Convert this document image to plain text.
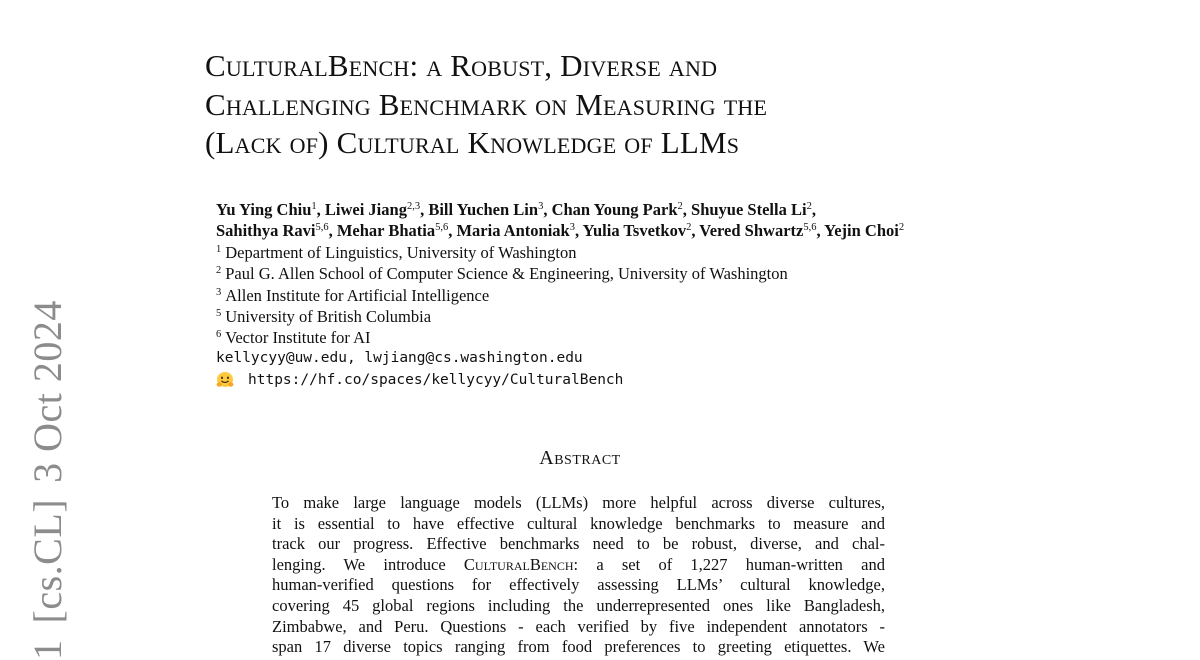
1[cs.CL]3 Oct 2024
CulturalBench: a Robust, Diverse and
Challenging Benchmark on Measuring the
(Lack of) Cultural Knowledge of LLMs
Yu Ying Chiu$^1$, Liwei Jiang$^{2,3}$, Bill Yuchen Lin$^3$, Chan Young Park$^2$, Shuyue Stella Li$^2$,
Sahithya Ravi$^{5,6}$, Mehar Bhatia$^{5,6}$, Maria Antoniak$^3$, Yulia Tsvetkov$^2$, Vered Shwartz$^{5,6}$, Yejin Choi$^2$
$^1$ Department of Linguistics, University of Washington
$^2$ Paul G. Allen School of Computer Science & Engineering, University of Washington
$^3$ Allen Institute for Artificial Intelligence
$^5$ University of British Columbia
$^6$ Vector Institute for AI
kellycyy@uw.edu, lwjiang@cs.washington.edu
https://hf.co/spaces/kellycyy/CulturalBench
Abstract
To make large language models (LLMs) more helpful across diverse cultures,
it is essential to have effective cultural knowledge benchmarks to measure and
track our progress. Effective benchmarks need to be robust, diverse, and chal-
lenging. We introduce CulturalBench: a set of 1,227 human-written and
human-verified questions for effectively assessing LLMs’ cultural knowledge,
covering 45 global regions including the underrepresented ones like Bangladesh,
Zimbabwe, and Peru. Questions - each verified by five independent annotators -
span 17 diverse topics ranging from food preferences to greeting etiquettes. We
